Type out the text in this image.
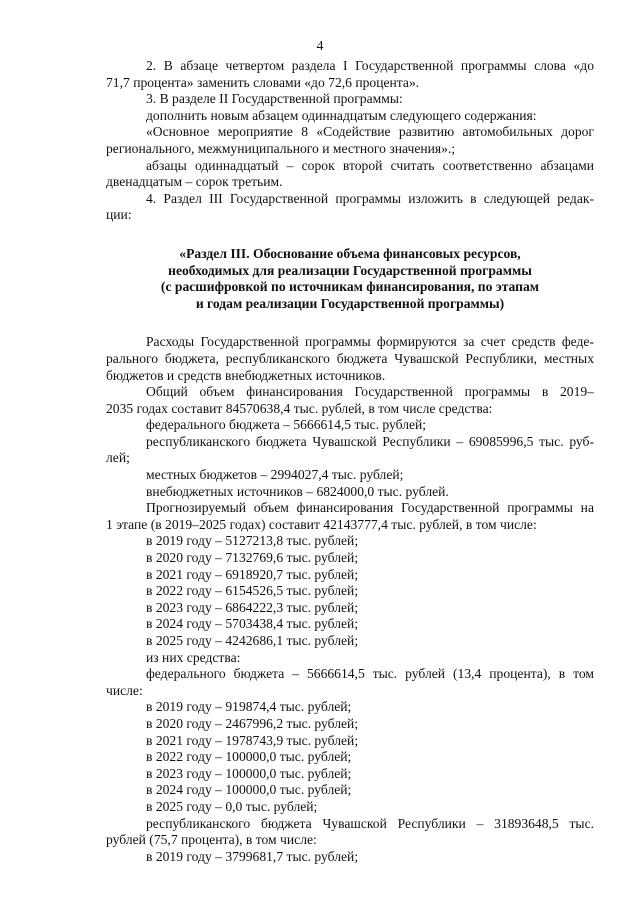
4

2. В абзаце четвертом раздела I Государственной программы слова «до

71,7 процента» заменить словами «до 72,6 процента».

3. В разделе II Государственной программы:

дополнить новым абзацем одиннадцатым следующего содержания:

«Основное мероприятие 8 «Содействие развитию автомобильных дорог

регионального, межмуниципального и местного значения».;

абзацы одиннадцатый – сорок второй считать соответственно абзацами

двенадцатым – сорок третьим.

4. Раздел III Государственной программы изложить в следующей редак-

ции:

«Раздел III. Обоснование объема финансовых ресурсов,

необходимых для реализации Государственной программы

(с расшифровкой по источникам финансирования, по этапам

и годам реализации Государственной программы)

Расходы Государственной программы формируются за счет средств феде-

рального бюджета, республиканского бюджета Чувашской Республики, местных

бюджетов и средств внебюджетных источников.

Общий объем финансирования Государственной программы в 2019–

2035 годах составит 84570638,4 тыс. рублей, в том числе средства:

федерального бюджета – 5666614,5 тыс. рублей;

республиканского бюджета Чувашской Республики – 69085996,5 тыс. руб-

лей;

местных бюджетов – 2994027,4 тыс. рублей;

внебюджетных источников – 6824000,0 тыс. рублей.

Прогнозируемый объем финансирования Государственной программы на

1 этапе (в 2019–2025 годах) составит 42143777,4 тыс. рублей, в том числе:

в 2019 году – 5127213,8 тыс. рублей;

в 2020 году – 7132769,6 тыс. рублей;

в 2021 году – 6918920,7 тыс. рублей;

в 2022 году – 6154526,5 тыс. рублей;

в 2023 году – 6864222,3 тыс. рублей;

в 2024 году – 5703438,4 тыс. рублей;

в 2025 году – 4242686,1 тыс. рублей;

из них средства:

федерального бюджета – 5666614,5 тыс. рублей (13,4 процента), в том

числе:

в 2019 году – 919874,4 тыс. рублей;

в 2020 году – 2467996,2 тыс. рублей;

в 2021 году – 1978743,9 тыс. рублей;

в 2022 году – 100000,0 тыс. рублей;

в 2023 году – 100000,0 тыс. рублей;

в 2024 году – 100000,0 тыс. рублей;

в 2025 году – 0,0 тыс. рублей;

республиканского бюджета Чувашской Республики – 31893648,5 тыс.

рублей (75,7 процента), в том числе:

в 2019 году – 3799681,7 тыс. рублей;
